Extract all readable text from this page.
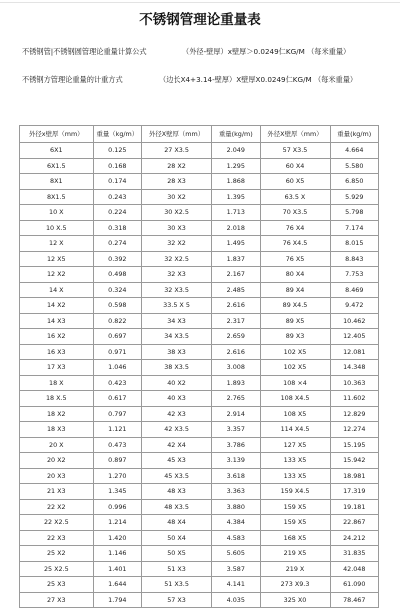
不锈钢管理论重量表
不锈钢管|不锈钢圆管理论重量计算公式	（外径-壁厚）x壁厚＞0.0249仁KG/M （每米重量）
不锈钢方管理论重量的计重方式	（边长X4+3.14-壁厚）X壁厚X0.0249仁KG/M （每米重量）
外径x壁厚（mm）	重量（kg/m）	外径X壁厚（mm）	重量(kg/m)	外径X壁厚（mm）	重量(kg/m)
6X1	0.125	27 X3.5	2.049	57 X3.5	4.664
6X1.5	0.168	28 X2	1.295	60 X4	5.580
8X1	0.174	28 X3	1.868	60 X5	6.850
8X1.5	0.243	30 X2	1.395	63.5 X	5.929
10 X	0.224	30 X2.5	1.713	70 X3.5	5.798
10 X.5	0.318	30 X3	2.018	76 X4	7.174
12 X	0.274	32 X2	1.495	76 X4.5	8.015
12 X5	0.392	32 X2.5	1.837	76 X5	8.843
12 X2	0.498	32 X3	2.167	80 X4	7.753
14 X	0.324	32 X3.5	2.485	89 X4	8.469
14 X2	0.598	33.5 X 5	2.616	89 X4.5	9.472
14 X3	0.822	34 X3	2.317	89 X5	10.462
16 X2	0.697	34 X3.5	2.659	89 X3	12.405
16 X3	0.971	38 X3	2.616	102 X5	12.081
17 X3	1.046	38 X3.5	3.008	102 X5	14.348
18 X	0.423	40 X2	1.893	108 ×4	10.363
18 X.5	0.617	40 X3	2.765	108 X4.5	11.602
18 X2	0.797	42 X3	2.914	108 X5	12.829
18 X3	1.121	42 X3.5	3.357	114 X4.5	12.274
20 X	0.473	42 X4	3.786	127 X5	15.195
20 X2	0.897	45 X3	3.139	133 X5	15.942
20 X3	1.270	45 X3.5	3.618	133 X5	18.981
21 X3	1.345	48 X3	3.363	159 X4.5	17.319
22 X2	0.996	48 X3.5	3.880	159 X5	19.181
22 X2.5	1.214	48 X4	4.384	159 X5	22.867
22 X3	1.420	50 X4	4.583	168 X5	24.212
25 X2	1.146	50 X5	5.605	219 X5	31.835
25 X2.5	1.401	51 X3	3.587	219 X	42.048
25 X3	1.644	51 X3.5	4.141	273 X9.3	61.090
27 X3	1.794	57 X3	4.035	325 X0	78.467
